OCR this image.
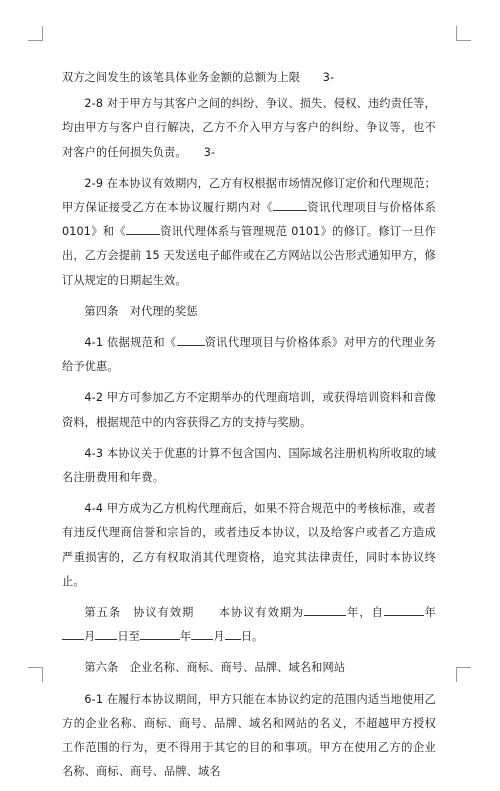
双方之间发生的该笔具体业务金额的总额为上限　　3-

2-8 对于甲方与其客户之间的纠纷、争议、损失、侵权、违约责任等，均由甲方与客户自行解决，乙方不介入甲方与客户的纠纷、争议等，也不对客户的任何损失负责。　　3-

2-9 在本协议有效期内，乙方有权根据市场情况修订定价和代理规范；甲方保证接受乙方在本协议履行期内对《	资讯代理项目与价格体系 0101》和《	资讯代理体系与管理规范 0101》的修订。修订一旦作出，乙方会提前 15 天发送电子邮件或在乙方网站以公告形式通知甲方，修订从规定的日期起生效。

第四条　对代理的奖惩

4-1 依据规范和《	资讯代理项目与价格体系》对甲方的代理业务给予优惠。

4-2 甲方可参加乙方不定期举办的代理商培训，或获得培训资料和音像资料，根据规范中的内容获得乙方的支持与奖励。

4-3 本协议关于优惠的计算不包含国内、国际域名注册机构所收取的域名注册费用和年费。

4-4 甲方成为乙方机构代理商后，如果不符合规范中的考核标准，或者有违反代理商信誉和宗旨的，或者违反本协议，以及给客户或者乙方造成严重损害的，乙方有权取消其代理资格，追究其法律责任，同时本协议终止。

第五条　协议有效期　　本协议有效期为	年，自	年月 日至	年 月 日。

第六条　企业名称、商标、商号、品牌、域名和网站

6-1 在履行本协议期间，甲方只能在本协议约定的范围内适当地使用乙方的企业名称、商标、商号、品牌、域名和网站的名义，不超越甲方授权工作范围的行为，更不得用于其它的目的和事项。甲方在使用乙方的企业名称、商标、商号、品牌、域名
